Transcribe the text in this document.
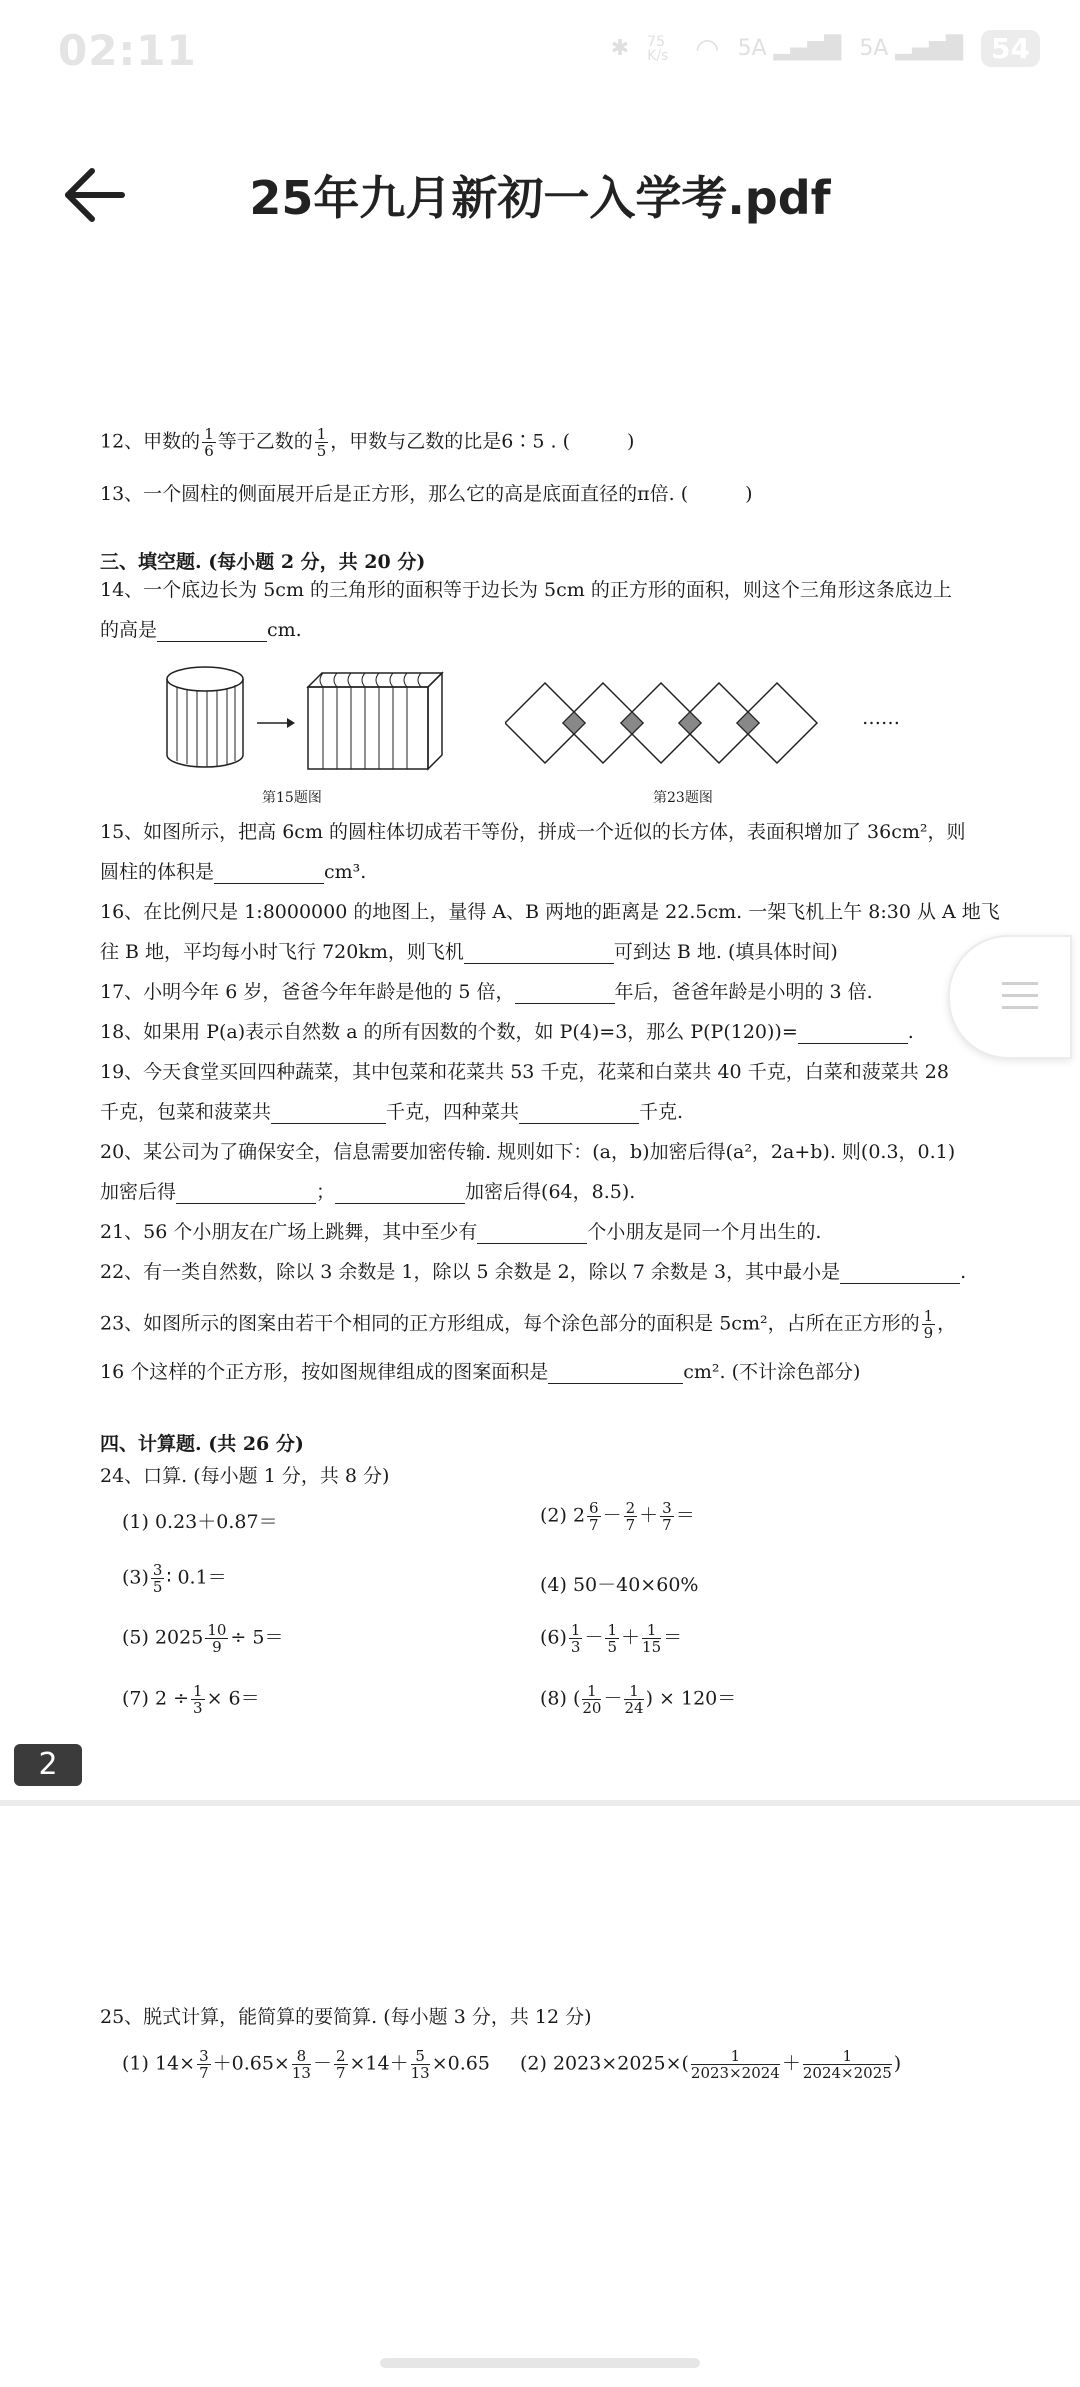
02:11	✱ 75 K/s ◠ 5A ▂▄▆█ 5A ▂▄▆█	54
25年九月新初一入学考.pdf
12、甲数的 $\frac{1}{6}$ 等于乙数的 $\frac{1}{5}$ ，甲数与乙数的比是6∶5 . (　　　)
13、一个圆柱的侧面展开后是正方形，那么它的高是底面直径的π倍. (　　　)
三、填空题. (每小题 2 分，共 20 分)
14、一个底边长为 5cm 的三角形的面积等于边长为 5cm 的正方形的面积，则这个三角形这条底边上
的高是	cm.
第15题图
……
第23题图
15、如图所示，把高 6cm 的圆柱体切成若干等份，拼成一个近似的长方体，表面积增加了 36cm²，则
圆柱的体积是	cm³.
16、在比例尺是 1:8000000 的地图上，量得 A、B 两地的距离是 22.5cm. 一架飞机上午 8:30 从 A 地飞
往 B 地，平均每小时飞行 720km，则飞机	可到达 B 地. (填具体时间)
17、小明今年 6 岁，爸爸今年年龄是他的 5 倍，	年后，爸爸年龄是小明的 3 倍.
18、如果用 P(a)表示自然数 a 的所有因数的个数，如 P(4)=3，那么 P(P(120))=	.
19、今天食堂买回四种蔬菜，其中包菜和花菜共 53 千克，花菜和白菜共 40 千克，白菜和菠菜共 28
千克，包菜和菠菜共	千克，四种菜共	千克.
20、某公司为了确保安全，信息需要加密传输. 规则如下：(a，b)加密后得(a²，2a+b). 则(0.3，0.1)
加密后得	；	加密后得(64，8.5).
21、56 个小朋友在广场上跳舞，其中至少有	个小朋友是同一个月出生的.
22、有一类自然数，除以 3 余数是 1，除以 5 余数是 2，除以 7 余数是 3，其中最小是	.
23、如图所示的图案由若干个相同的正方形组成，每个涂色部分的面积是 5cm²，占所在正方形的 $\frac{1}{9}$ ，
16 个这样的个正方形，按如图规律组成的图案面积是	cm². (不计涂色部分)
四、计算题. (共 26 分)
24、口算. (每小题 1 分，共 8 分)
(1) 0.23＋0.87＝	(2) $2 \frac{6}{7} - \frac{2}{7} + \frac{3}{7}$ ＝
$(3) \frac{3}{5}$ ∶ 0.1＝	(4) 50－40×60%
(5) $2025 \frac{10}{9} \div 5=$	$(6) \frac{1}{3} - \frac{1}{5} + \frac{1}{15}$ ＝
(7) $2 \div \frac{1}{3} \times 6=$	(8) ( $\frac{1}{20} - \frac{1}{24}$ ) × 120＝
25、脱式计算，能简算的要简算. (每小题 3 分，共 12 分)
(1) $14\times \frac{3}{7} +0.65\times \frac{8}{13} - \frac{2}{7} \times 14+ \frac{5}{13} \times 0.65$ (2) $2023\times 2025\times( \frac{1}{2023\times 2024} + \frac{1}{2024\times 2025}$ )
2
